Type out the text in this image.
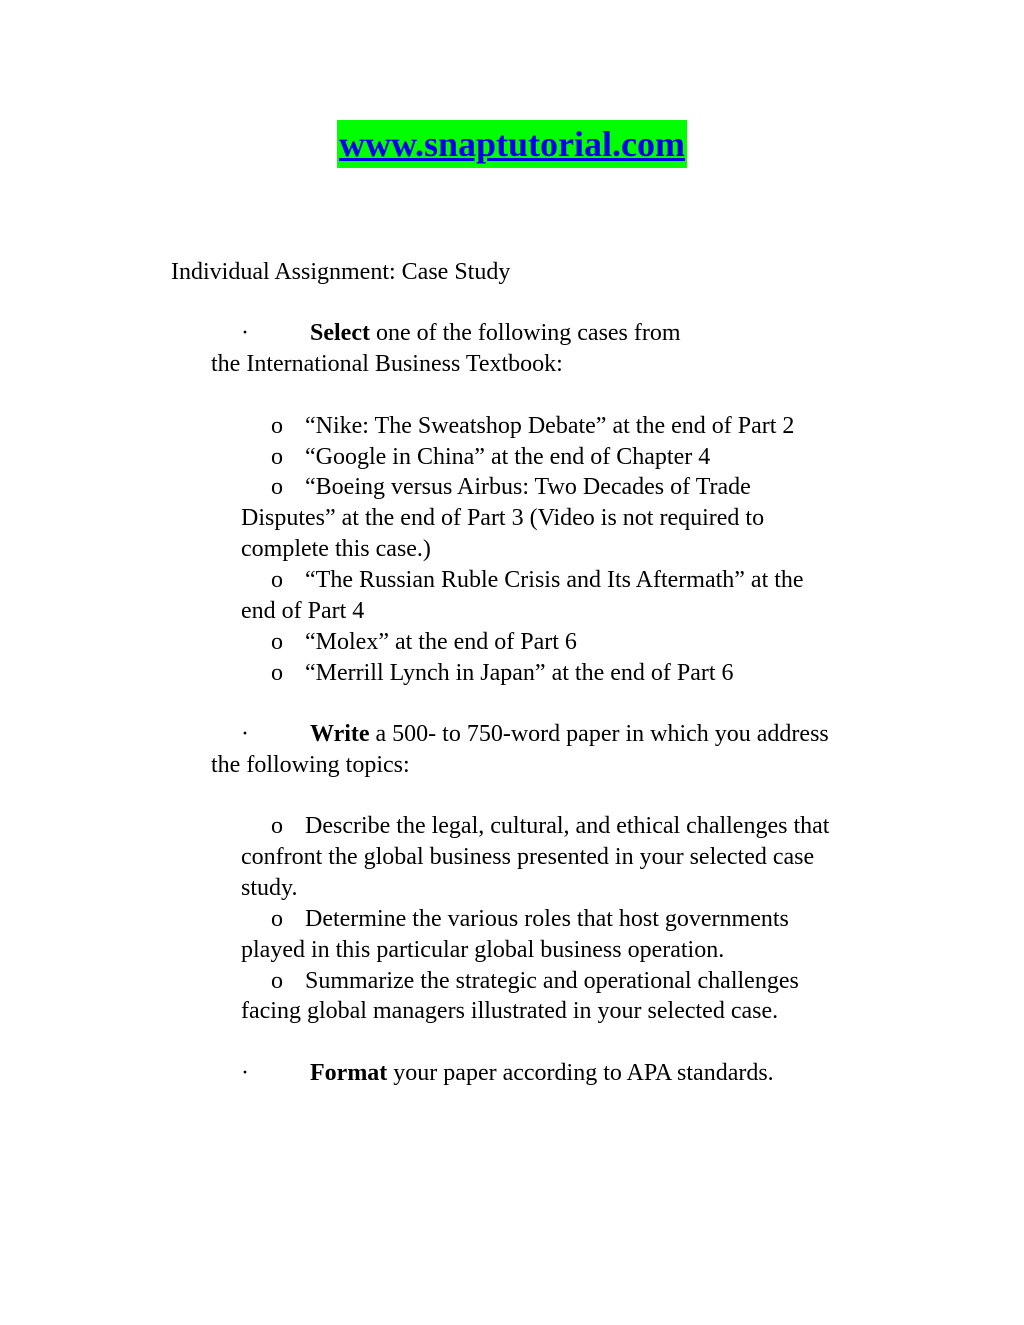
www.snaptutorial.com
Individual Assignment: Case Study
·	Select one of the following cases from
the International Business Textbook:
o “Nike: The Sweatshop Debate” at the end of Part 2
o “Google in China” at the end of Chapter 4
o “Boeing versus Airbus: Two Decades of Trade
Disputes” at the end of Part 3 (Video is not required to
complete this case.)
o “The Russian Ruble Crisis and Its Aftermath” at the
end of Part 4
o “Molex” at the end of Part 6
o “Merrill Lynch in Japan” at the end of Part 6
·	Write a 500- to 750-word paper in which you address
the following topics:
o Describe the legal, cultural, and ethical challenges that
confront the global business presented in your selected case
study.
o Determine the various roles that host governments
played in this particular global business operation.
o Summarize the strategic and operational challenges
facing global managers illustrated in your selected case.
·	Format your paper according to APA standards.
